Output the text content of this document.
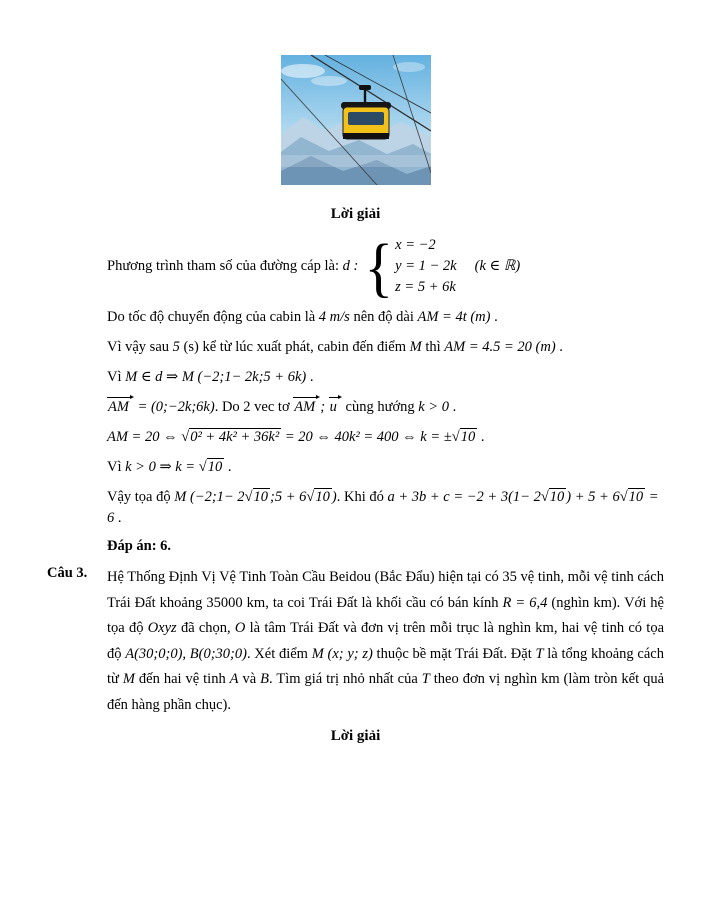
Lời giải
Phương trình tham số của đường cáp là: d : { x = −2
y = 1 − 2k
z = 5 + 6k
(k ∈ ℝ)
Do tốc độ chuyển động của cabin là 4 m/s nên độ dài AM = 4t (m) .
Vì vậy sau 5 (s) kể từ lúc xuất phát, cabin đến điểm M thì AM = 4.5 = 20 (m) .
Vì M ∈ d ⇒ M (−2;1− 2k;5 + 6k) .
AM = (0;−2k;6k). Do 2 vec tơ AM ; u cùng hướng k > 0 .
AM = 20 ⇔ √0² + 4k² + 36k² = 20 ⇔ 40k² = 400 ⇔ k = ±√10 .
Vì k > 0 ⇒ k = √10 .
Vậy tọa độ M (−2;1− 2√10 ;5 + 6√10 ). Khi đó a + 3b + c = −2 + 3(1− 2√10 ) + 5 + 6√10 = 6 .
Đáp án: 6.
Câu 3.	Hệ Thống Định Vị Vệ Tinh Toàn Cầu Beidou (Bắc Đẩu) hiện tại có 35 vệ tinh, mỗi vệ tinh cách Trái Đất khoảng 35000 km, ta coi Trái Đất là khối cầu có bán kính R = 6,4 (nghìn km). Với hệ tọa độ Oxyz đã chọn, O là tâm Trái Đất và đơn vị trên mỗi trục là nghìn km, hai vệ tinh có tọa độ A(30;0;0), B(0;30;0). Xét điểm M (x; y; z) thuộc bề mặt Trái Đất. Đặt T là tổng khoảng cách từ M đến hai vệ tinh A và B. Tìm giá trị nhỏ nhất của T theo đơn vị nghìn km (làm tròn kết quả đến hàng phần chục).
Lời giải
